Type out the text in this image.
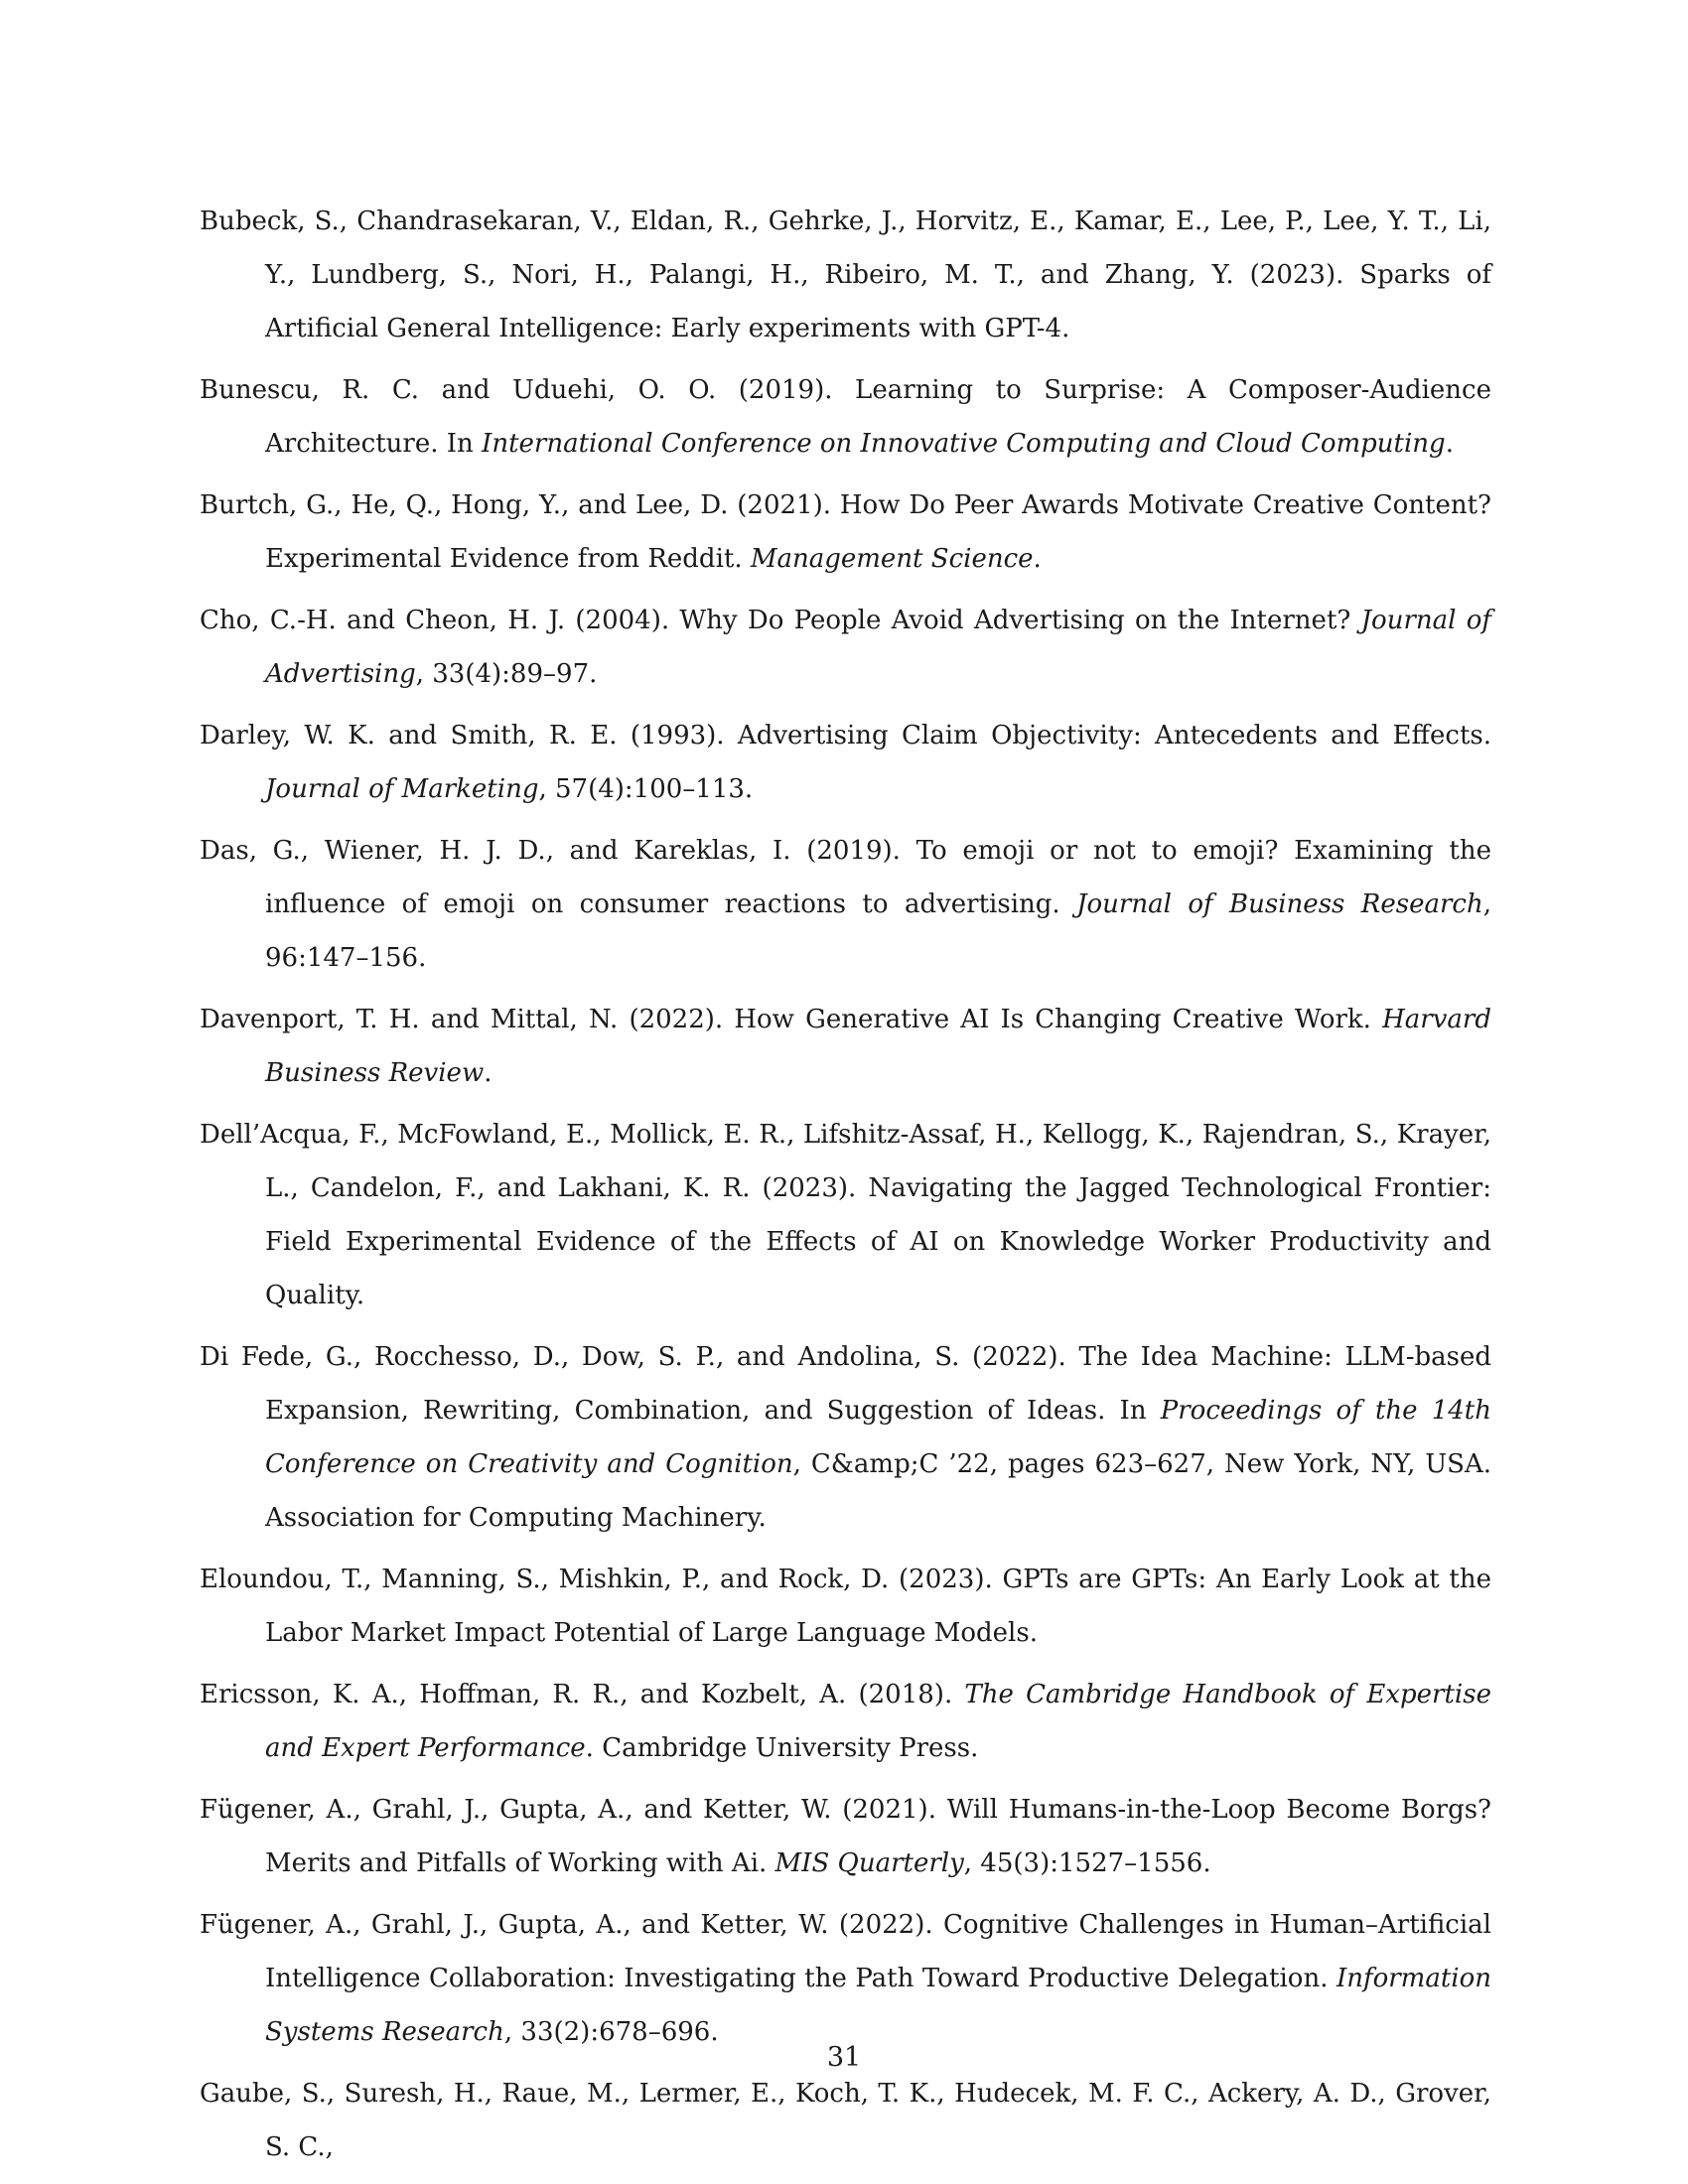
Bubeck, S., Chandrasekaran, V., Eldan, R., Gehrke, J., Horvitz, E., Kamar, E., Lee, P., Lee, Y. T., Li, Y., Lundberg, S., Nori, H., Palangi, H., Ribeiro, M. T., and Zhang, Y. (2023). Sparks of Artificial General Intelligence: Early experiments with GPT-4.

Bunescu, R. C. and Uduehi, O. O. (2019). Learning to Surprise: A Composer-Audience Architecture. In International Conference on Innovative Computing and Cloud Computing.

Burtch, G., He, Q., Hong, Y., and Lee, D. (2021). How Do Peer Awards Motivate Creative Content? Experimental Evidence from Reddit. Management Science.

Cho, C.-H. and Cheon, H. J. (2004). Why Do People Avoid Advertising on the Internet? Journal of Advertising, 33(4):89–97.

Darley, W. K. and Smith, R. E. (1993). Advertising Claim Objectivity: Antecedents and Effects. Journal of Marketing, 57(4):100–113.

Das, G., Wiener, H. J. D., and Kareklas, I. (2019). To emoji or not to emoji? Examining the influence of emoji on consumer reactions to advertising. Journal of Business Research, 96:147–156.

Davenport, T. H. and Mittal, N. (2022). How Generative AI Is Changing Creative Work. Harvard Business Review.

Dell’Acqua, F., McFowland, E., Mollick, E. R., Lifshitz-Assaf, H., Kellogg, K., Rajendran, S., Krayer, L., Candelon, F., and Lakhani, K. R. (2023). Navigating the Jagged Technological Frontier: Field Experimental Evidence of the Effects of AI on Knowledge Worker Productivity and Quality.

Di Fede, G., Rocchesso, D., Dow, S. P., and Andolina, S. (2022). The Idea Machine: LLM-based Expansion, Rewriting, Combination, and Suggestion of Ideas. In Proceedings of the 14th Conference on Creativity and Cognition, C&amp;C ’22, pages 623–627, New York, NY, USA. Association for Computing Machinery.

Eloundou, T., Manning, S., Mishkin, P., and Rock, D. (2023). GPTs are GPTs: An Early Look at the Labor Market Impact Potential of Large Language Models.

Ericsson, K. A., Hoffman, R. R., and Kozbelt, A. (2018). The Cambridge Handbook of Expertise and Expert Performance. Cambridge University Press.

Fügener, A., Grahl, J., Gupta, A., and Ketter, W. (2021). Will Humans-in-the-Loop Become Borgs? Merits and Pitfalls of Working with Ai. MIS Quarterly, 45(3):1527–1556.

Fügener, A., Grahl, J., Gupta, A., and Ketter, W. (2022). Cognitive Challenges in Human–Artificial Intelligence Collaboration: Investigating the Path Toward Productive Delegation. Information Systems Research, 33(2):678–696.

Gaube, S., Suresh, H., Raue, M., Lermer, E., Koch, T. K., Hudecek, M. F. C., Ackery, A. D., Grover, S. C.,

31
